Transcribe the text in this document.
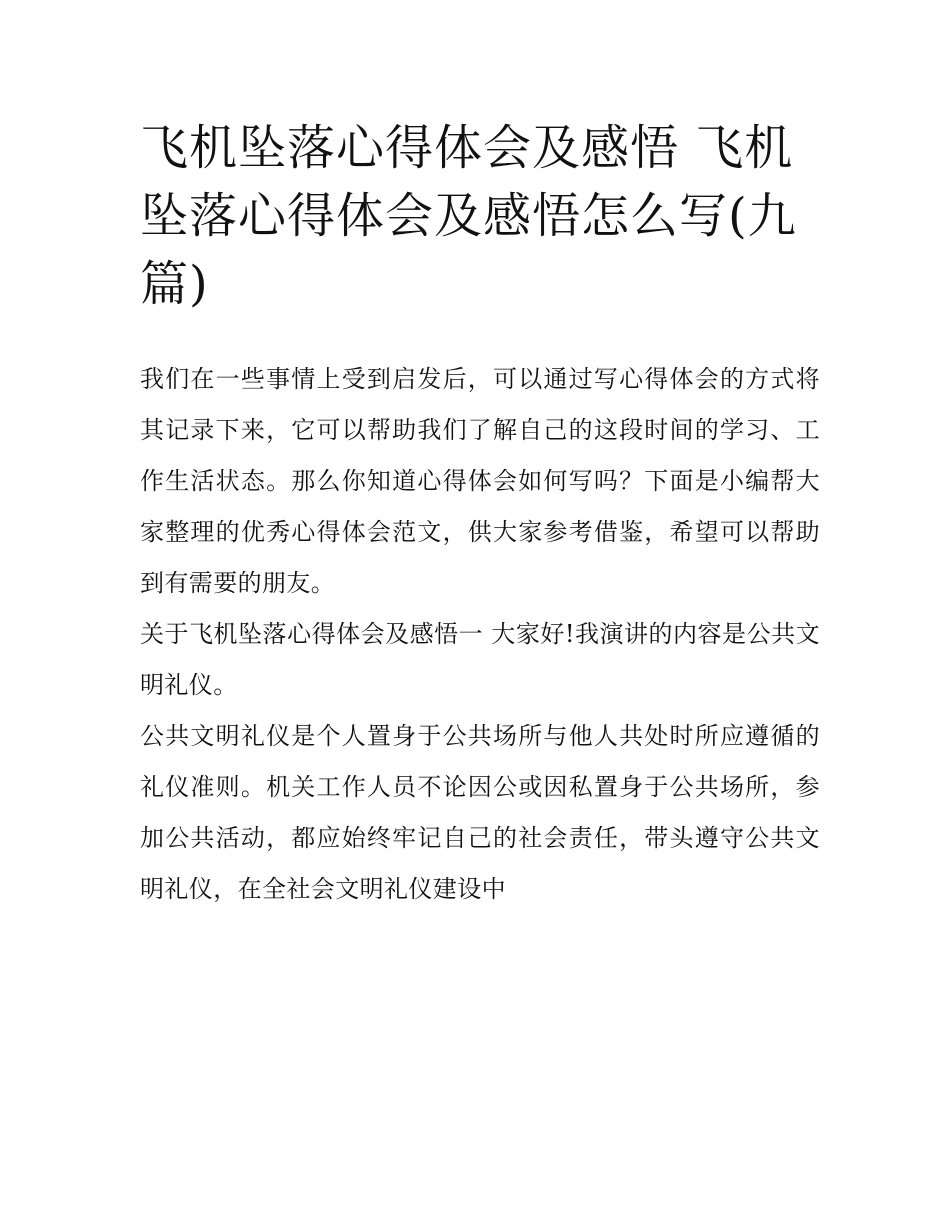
飞机坠落心得体会及感悟 飞机坠落心得体会及感悟怎么写(九篇)

我们在一些事情上受到启发后，可以通过写心得体会的方式将其记录下来，它可以帮助我们了解自己的这段时间的学习、工作生活状态。那么你知道心得体会如何写吗？下面是小编帮大家整理的优秀心得体会范文，供大家参考借鉴，希望可以帮助到有需要的朋友。

关于飞机坠落心得体会及感悟一 大家好!我演讲的内容是公共文明礼仪。

公共文明礼仪是个人置身于公共场所与他人共处时所应遵循的礼仪准则。机关工作人员不论因公或因私置身于公共场所，参加公共活动，都应始终牢记自己的社会责任，带头遵守公共文明礼仪，在全社会文明礼仪建设中
